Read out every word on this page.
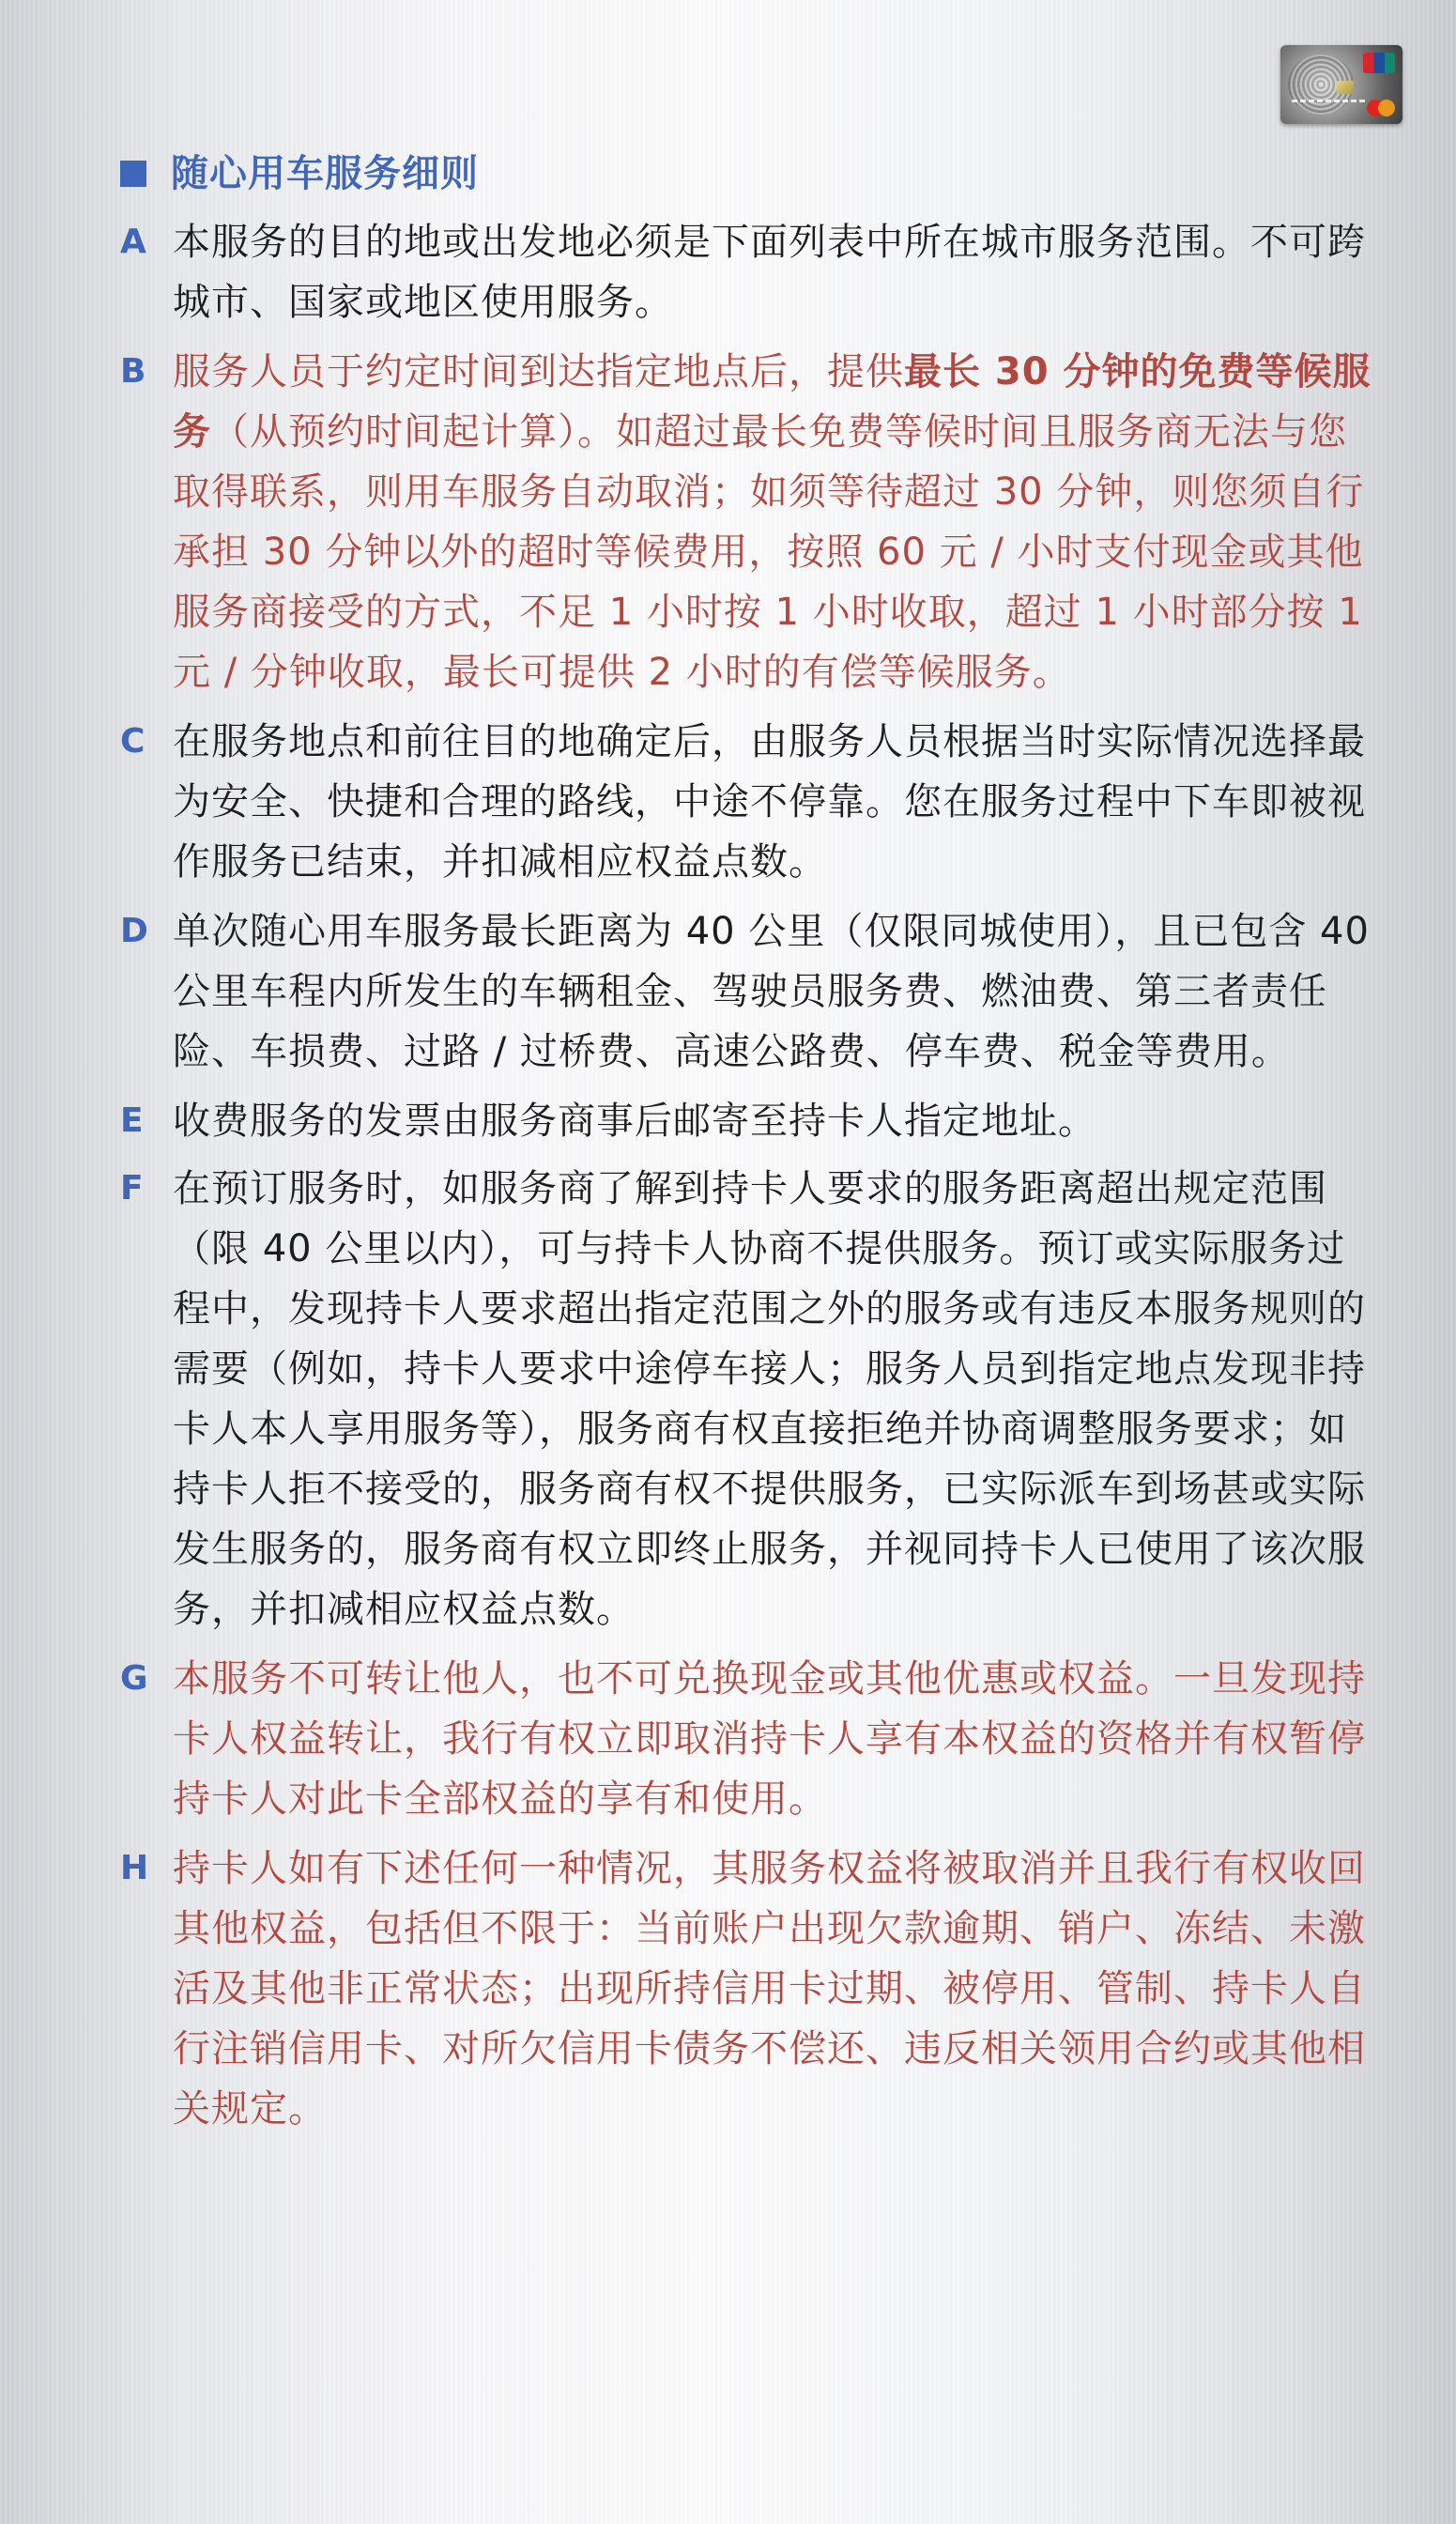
随心用车服务细则
A 本服务的目的地或出发地必须是下面列表中所在城市服务范围。不可跨城市、国家或地区使用服务。
B 服务人员于约定时间到达指定地点后，提供最长 30 分钟的免费等候服务（从预约时间起计算）。如超过最长免费等候时间且服务商无法与您取得联系，则用车服务自动取消；如须等待超过 30 分钟，则您须自行承担 30 分钟以外的超时等候费用，按照 60 元 / 小时支付现金或其他服务商接受的方式，不足 1 小时按 1 小时收取，超过 1 小时部分按 1 元 / 分钟收取，最长可提供 2 小时的有偿等候服务。
C 在服务地点和前往目的地确定后，由服务人员根据当时实际情况选择最为安全、快捷和合理的路线，中途不停靠。您在服务过程中下车即被视作服务已结束，并扣减相应权益点数。
D 单次随心用车服务最长距离为 40 公里（仅限同城使用），且已包含 40 公里车程内所发生的车辆租金、驾驶员服务费、燃油费、第三者责任险、车损费、过路 / 过桥费、高速公路费、停车费、税金等费用。
E 收费服务的发票由服务商事后邮寄至持卡人指定地址。
F 在预订服务时，如服务商了解到持卡人要求的服务距离超出规定范围（限 40 公里以内），可与持卡人协商不提供服务。预订或实际服务过程中，发现持卡人要求超出指定范围之外的服务或有违反本服务规则的需要（例如，持卡人要求中途停车接人；服务人员到指定地点发现非持卡人本人享用服务等），服务商有权直接拒绝并协商调整服务要求；如持卡人拒不接受的，服务商有权不提供服务，已实际派车到场甚或实际发生服务的，服务商有权立即终止服务，并视同持卡人已使用了该次服务，并扣减相应权益点数。
G 本服务不可转让他人，也不可兑换现金或其他优惠或权益。一旦发现持卡人权益转让，我行有权立即取消持卡人享有本权益的资格并有权暂停持卡人对此卡全部权益的享有和使用。
H 持卡人如有下述任何一种情况，其服务权益将被取消并且我行有权收回其他权益，包括但不限于：当前账户出现欠款逾期、销户、冻结、未激活及其他非正常状态；出现所持信用卡过期、被停用、管制、持卡人自行注销信用卡、对所欠信用卡债务不偿还、违反相关领用合约或其他相关规定。
